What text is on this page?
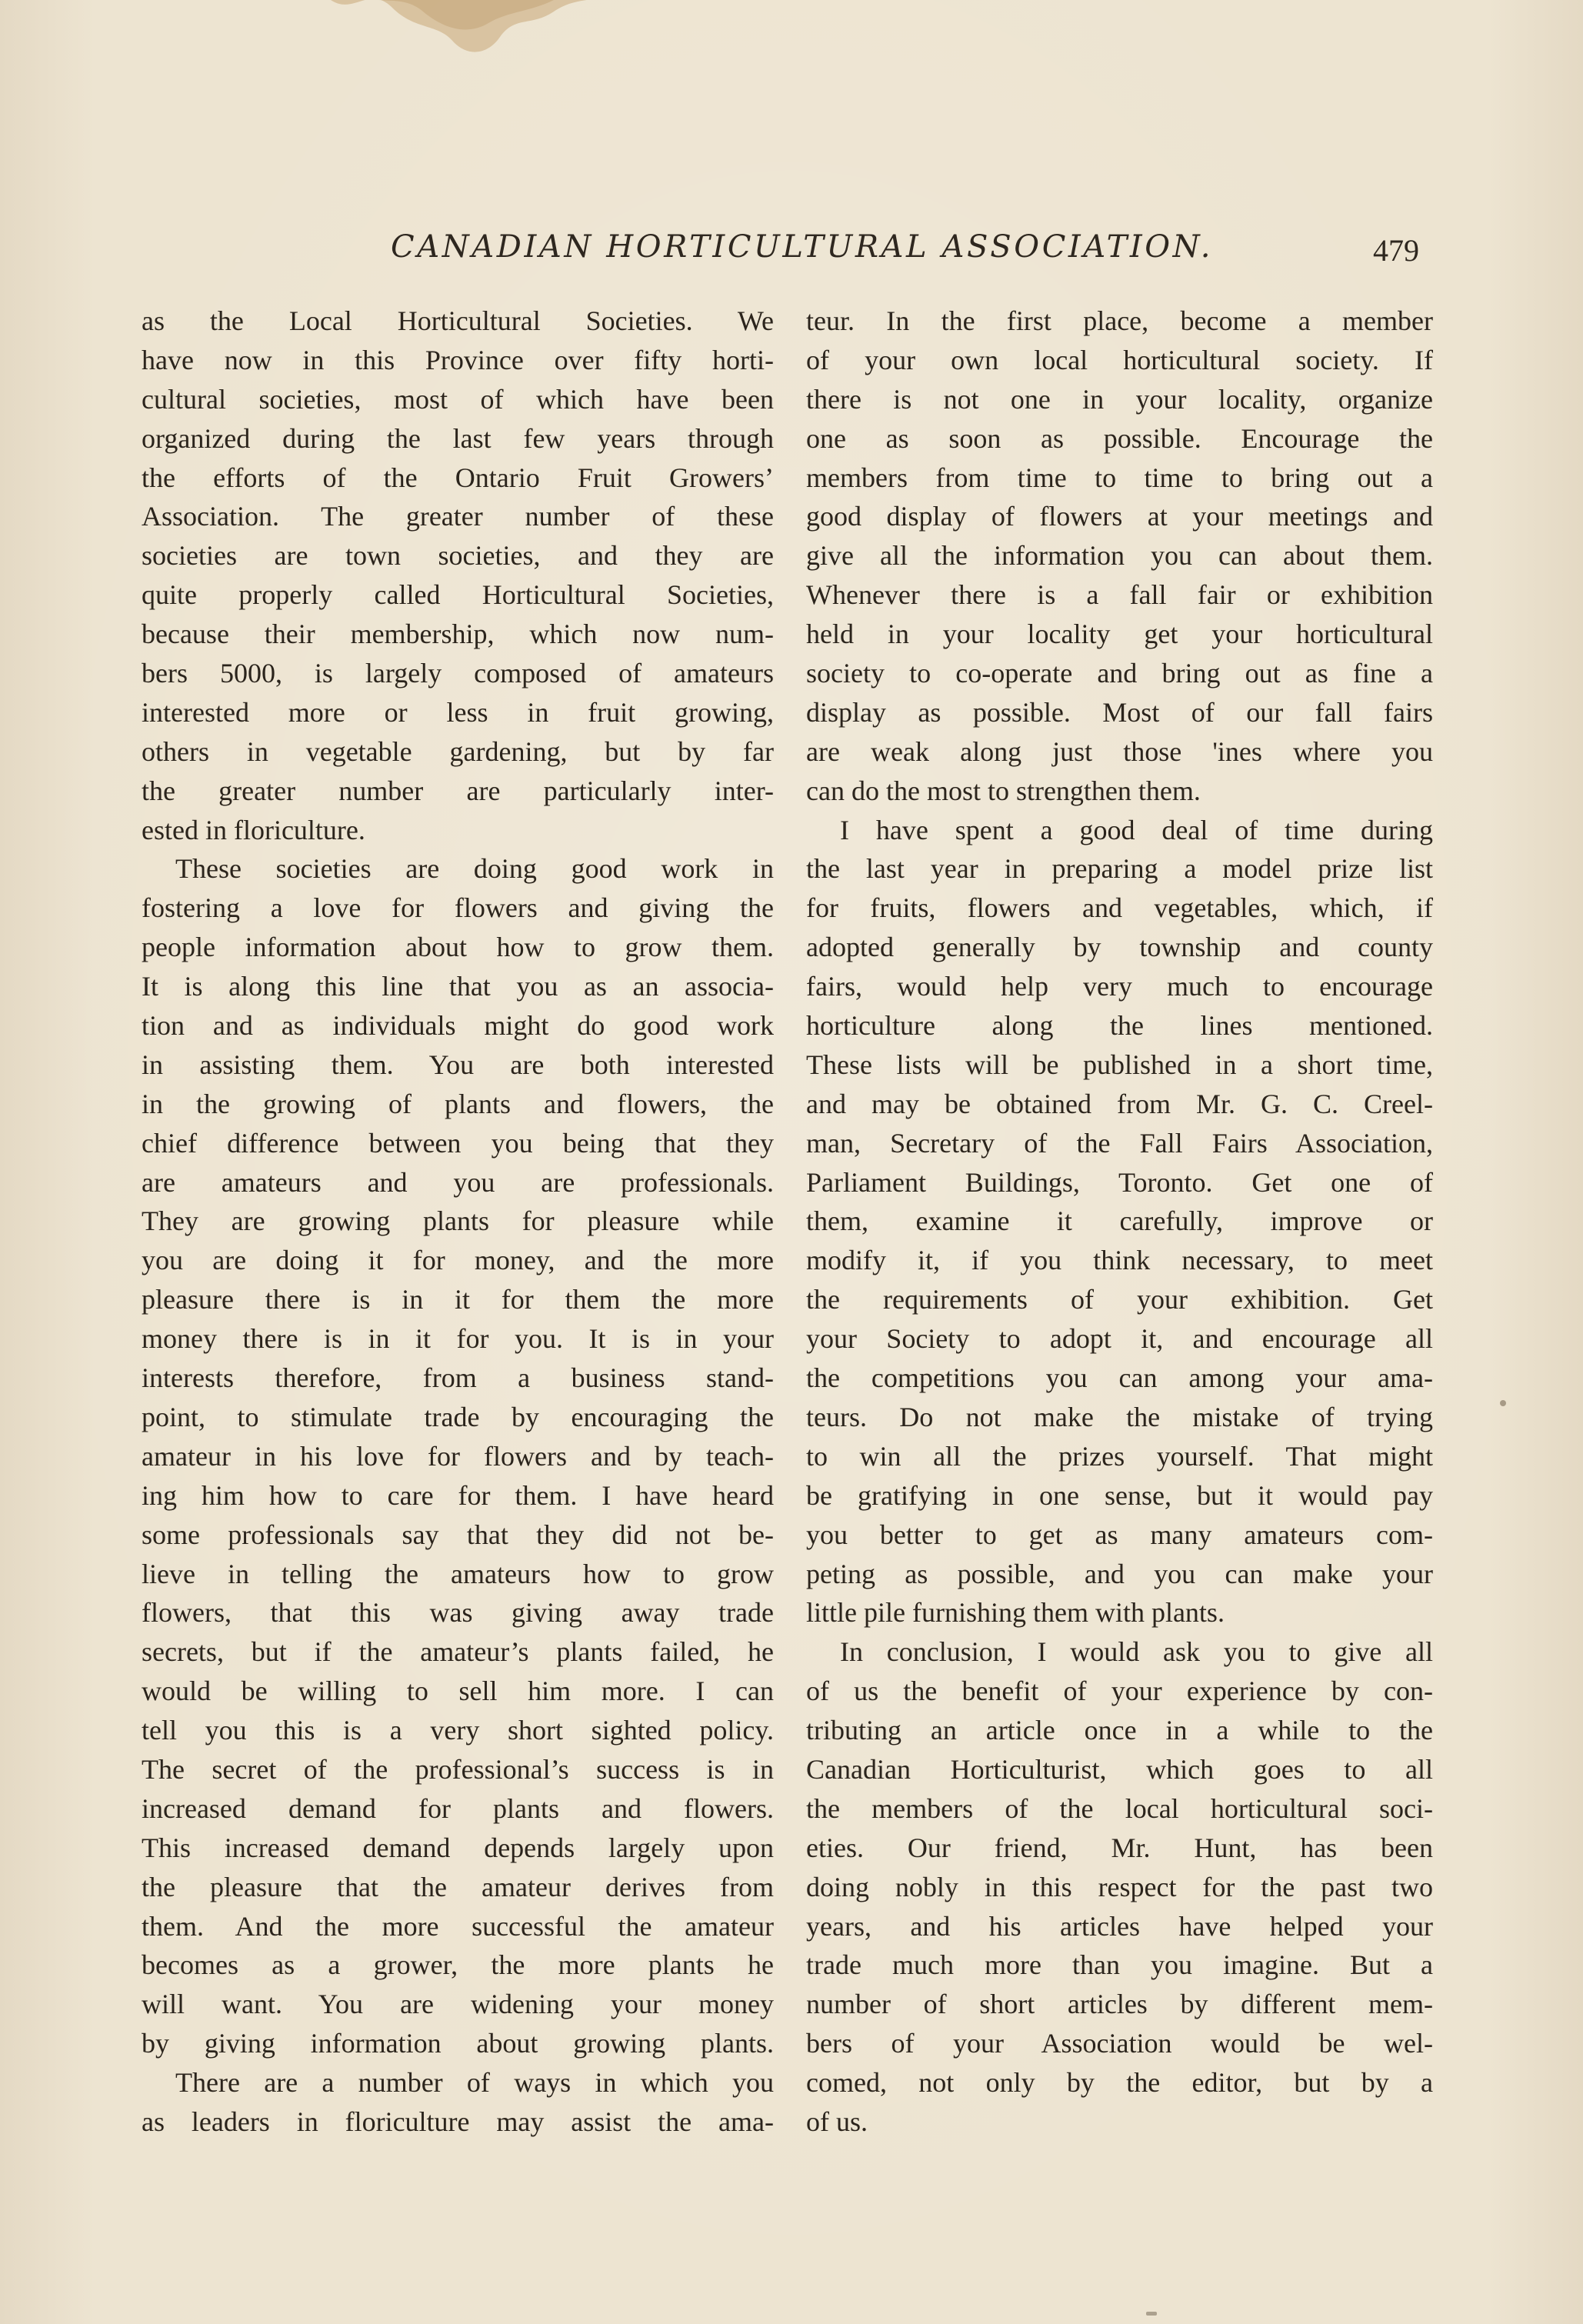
CANADIAN HORTICULTURAL ASSOCIATION.	479
as the Local Horticultural Societies. We
have now in this Province over fifty horti-
cultural societies, most of which have been
organized during the last few years through
the efforts of the Ontario Fruit Growers’
Association. The greater number of these
societies are town societies, and they are
quite properly called Horticultural Societies,
because their membership, which now num-
bers 5000, is largely composed of amateurs
interested more or less in fruit growing,
others in vegetable gardening, but by far
the greater number are particularly inter-
ested in floriculture.
These societies are doing good work in
fostering a love for flowers and giving the
people information about how to grow them.
It is along this line that you as an associa-
tion and as individuals might do good work
in assisting them. You are both interested
in the growing of plants and flowers, the
chief difference between you being that they
are amateurs and you are professionals.
They are growing plants for pleasure while
you are doing it for money, and the more
pleasure there is in it for them the more
money there is in it for you. It is in your
interests therefore, from a business stand-
point, to stimulate trade by encouraging the
amateur in his love for flowers and by teach-
ing him how to care for them. I have heard
some professionals say that they did not be-
lieve in telling the amateurs how to grow
flowers, that this was giving away trade
secrets, but if the amateur’s plants failed, he
would be willing to sell him more. I can
tell you this is a very short sighted policy.
The secret of the professional’s success is in
increased demand for plants and flowers.
This increased demand depends largely upon
the pleasure that the amateur derives from
them. And the more successful the amateur
becomes as a grower, the more plants he
will want. You are widening your money
by giving information about growing plants.
There are a number of ways in which you
as leaders in floriculture may assist the ama-
teur. In the first place, become a member
of your own local horticultural society. If
there is not one in your locality, organize
one as soon as possible. Encourage the
members from time to time to bring out a
good display of flowers at your meetings and
give all the information you can about them.
Whenever there is a fall fair or exhibition
held in your locality get your horticultural
society to co-operate and bring out as fine a
display as possible. Most of our fall fairs
are weak along just those 'ines where you
can do the most to strengthen them.
I have spent a good deal of time during
the last year in preparing a model prize list
for fruits, flowers and vegetables, which, if
adopted generally by township and county
fairs, would help very much to encourage
horticulture along the lines mentioned.
These lists will be published in a short time,
and may be obtained from Mr. G. C. Creel-
man, Secretary of the Fall Fairs Association,
Parliament Buildings, Toronto. Get one of
them, examine it carefully, improve or
modify it, if you think necessary, to meet
the requirements of your exhibition. Get
your Society to adopt it, and encourage all
the competitions you can among your ama-
teurs. Do not make the mistake of trying
to win all the prizes yourself. That might
be gratifying in one sense, but it would pay
you better to get as many amateurs com-
peting as possible, and you can make your
little pile furnishing them with plants.
In conclusion, I would ask you to give all
of us the benefit of your experience by con-
tributing an article once in a while to the
Canadian Horticulturist, which goes to all
the members of the local horticultural soci-
eties. Our friend, Mr. Hunt, has been
doing nobly in this respect for the past two
years, and his articles have helped your
trade much more than you imagine. But a
number of short articles by different mem-
bers of your Association would be wel-
comed, not only by the editor, but by a
of us.
